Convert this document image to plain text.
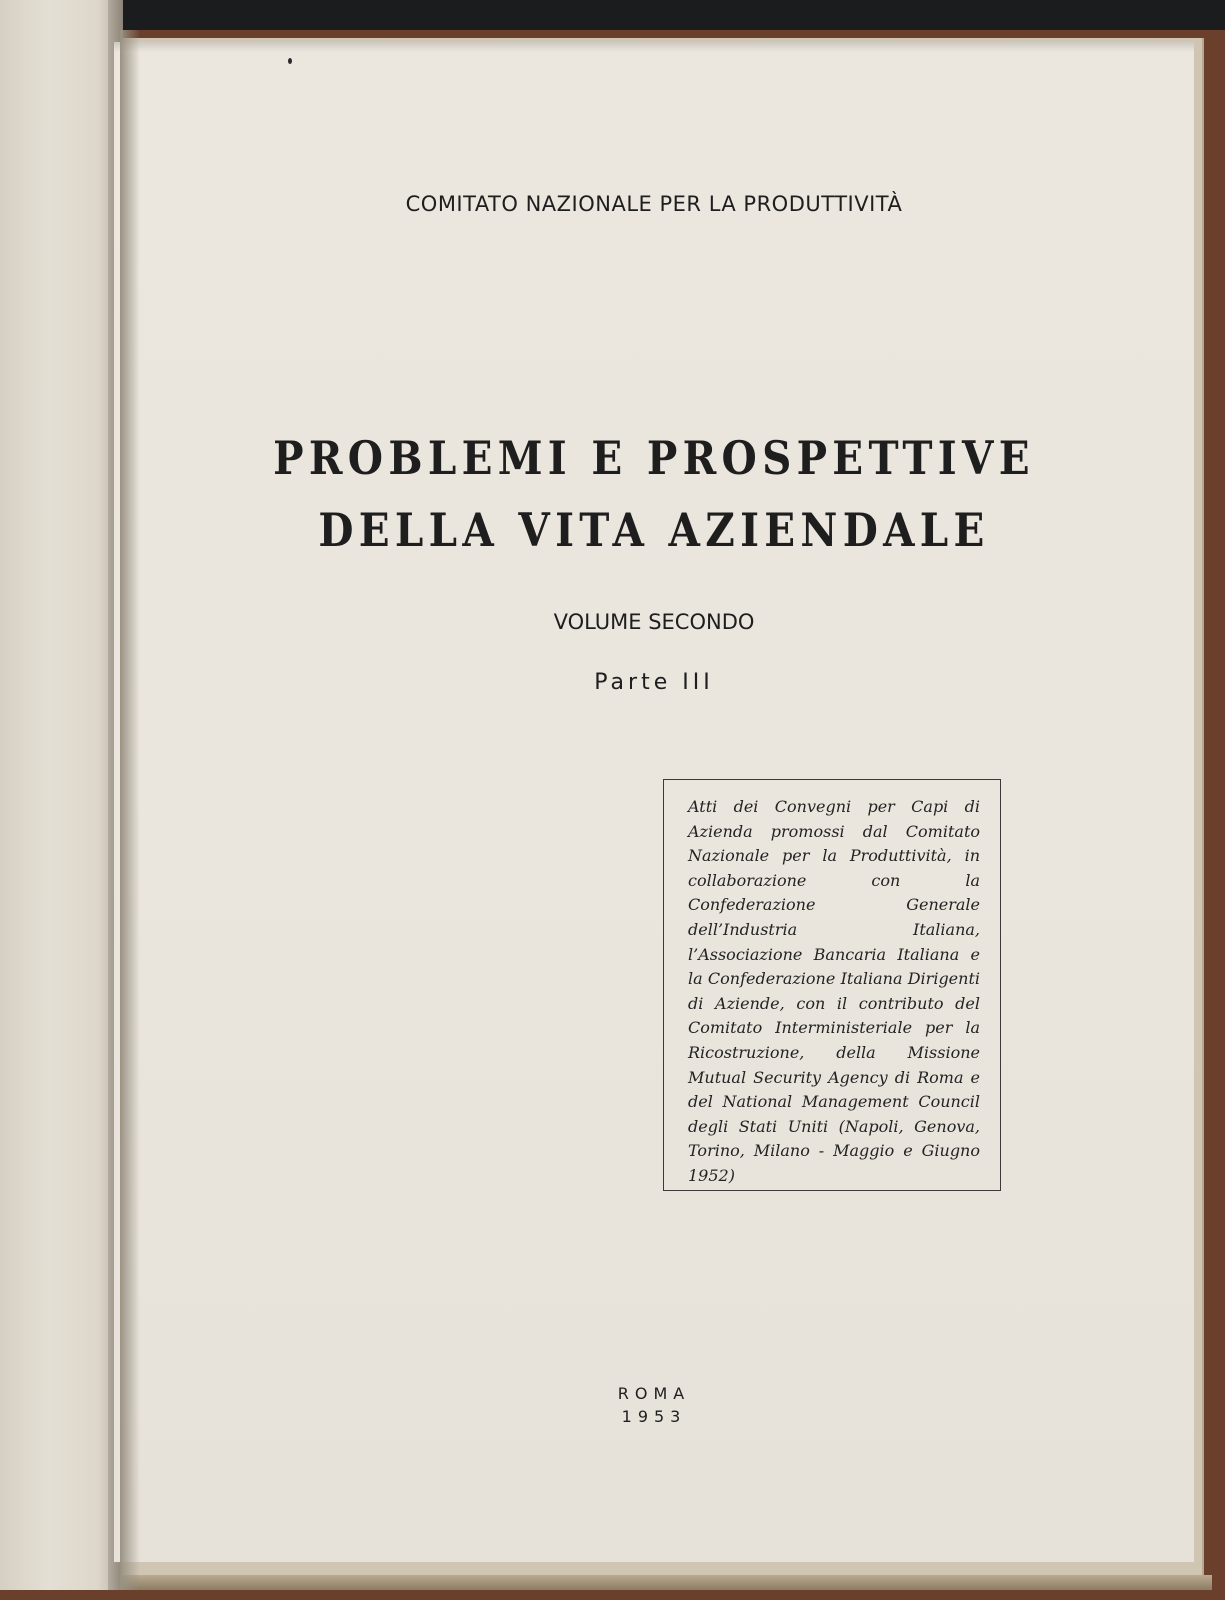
COMITATO NAZIONALE PER LA PRODUTTIVITÀ
PROBLEMI E PROSPETTIVE
DELLA VITA AZIENDALE
VOLUME SECONDO
Parte III
Atti dei Convegni per Capi di Azienda promossi dal Comitato Nazionale per la Produttività, in collaborazione con la Confederazione Generale dell’Industria Italiana, l’Associazione Bancaria Italiana e la Confederazione Italiana Dirigenti di Aziende, con il contributo del Comitato Interministeriale per la Ricostruzione, della Missione Mutual Security Agency di Roma e del National Management Council degli Stati Uniti (Napoli, Genova, Torino, Milano - Maggio e Giugno 1952)
ROMA
1953
